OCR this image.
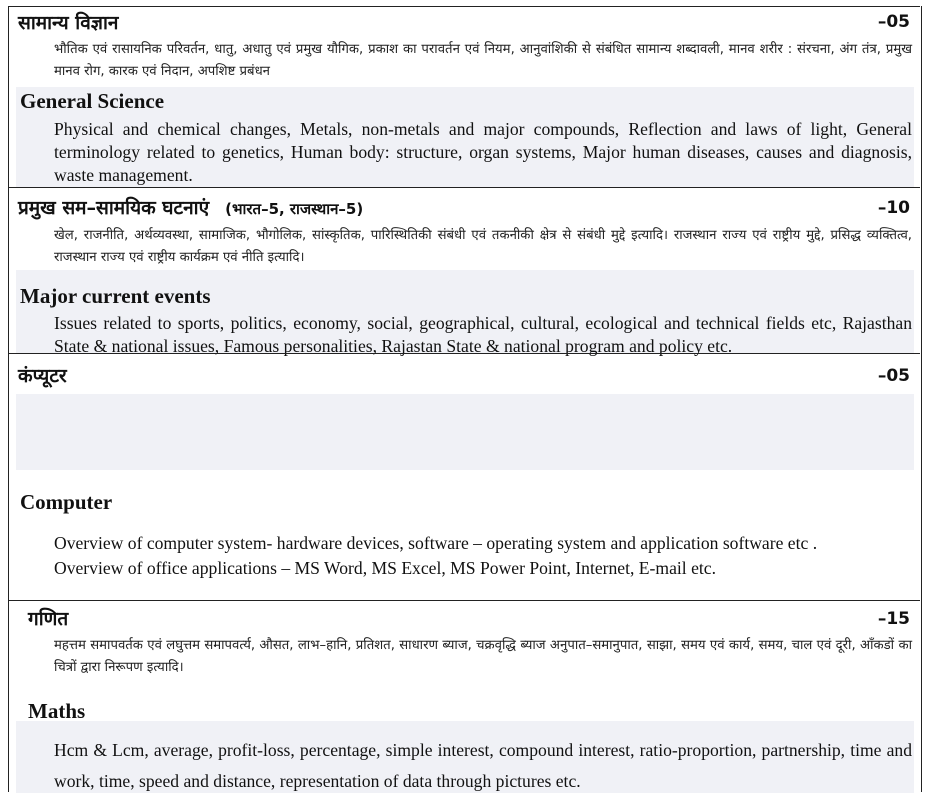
सामान्य विज्ञान	–05
भौतिक एवं रासायनिक परिवर्तन, धातु, अधातु एवं प्रमुख यौगिक, प्रकाश का परावर्तन एवं नियम, आनुवांशिकी से संबंधित सामान्य शब्दावली, मानव शरीर : संरचना, अंग तंत्र, प्रमुख मानव रोग, कारक एवं निदान, अपशिष्ट प्रबंधन
General Science
Physical and chemical changes, Metals, non-metals and major compounds, Reflection and laws of light, General terminology related to genetics, Human body: structure, organ systems, Major human diseases, causes and diagnosis, waste management.
प्रमुख सम–सामयिक घटनाएं (भारत–5, राजस्थान–5)	–10
खेल, राजनीति, अर्थव्यवस्था, सामाजिक, भौगोलिक, सांस्कृतिक, पारिस्थितिकी संबंधी एवं तकनीकी क्षेत्र से संबंधी मुद्दे इत्यादि। राजस्थान राज्य एवं राष्ट्रीय मुद्दे, प्रसिद्ध व्यक्तित्व, राजस्थान राज्य एवं राष्ट्रीय कार्यक्रम एवं नीति इत्यादि।
Major current events
Issues related to sports, politics, economy, social, geographical, cultural, ecological and technical fields etc, Rajasthan State & national issues, Famous personalities, Rajastan State & national program and policy etc.
कंप्यूटर	–05
Computer
Overview of computer system- hardware devices, software – operating system and application software etc .
Overview of office applications – MS Word, MS Excel, MS Power Point, Internet, E-mail etc.
गणित	–15
महत्तम समापवर्तक एवं लघुत्तम समापवर्त्य, औसत, लाभ–हानि, प्रतिशत, साधारण ब्याज, चक्रवृद्धि ब्याज अनुपात–समानुपात, साझा, समय एवं कार्य, समय, चाल एवं दूरी, आँकडों का चित्रों द्वारा निरूपण इत्यादि।
Maths
Hcm & Lcm, average, profit-loss, percentage, simple interest, compound interest, ratio-proportion, partnership, time and work, time, speed and distance, representation of data through pictures etc.
